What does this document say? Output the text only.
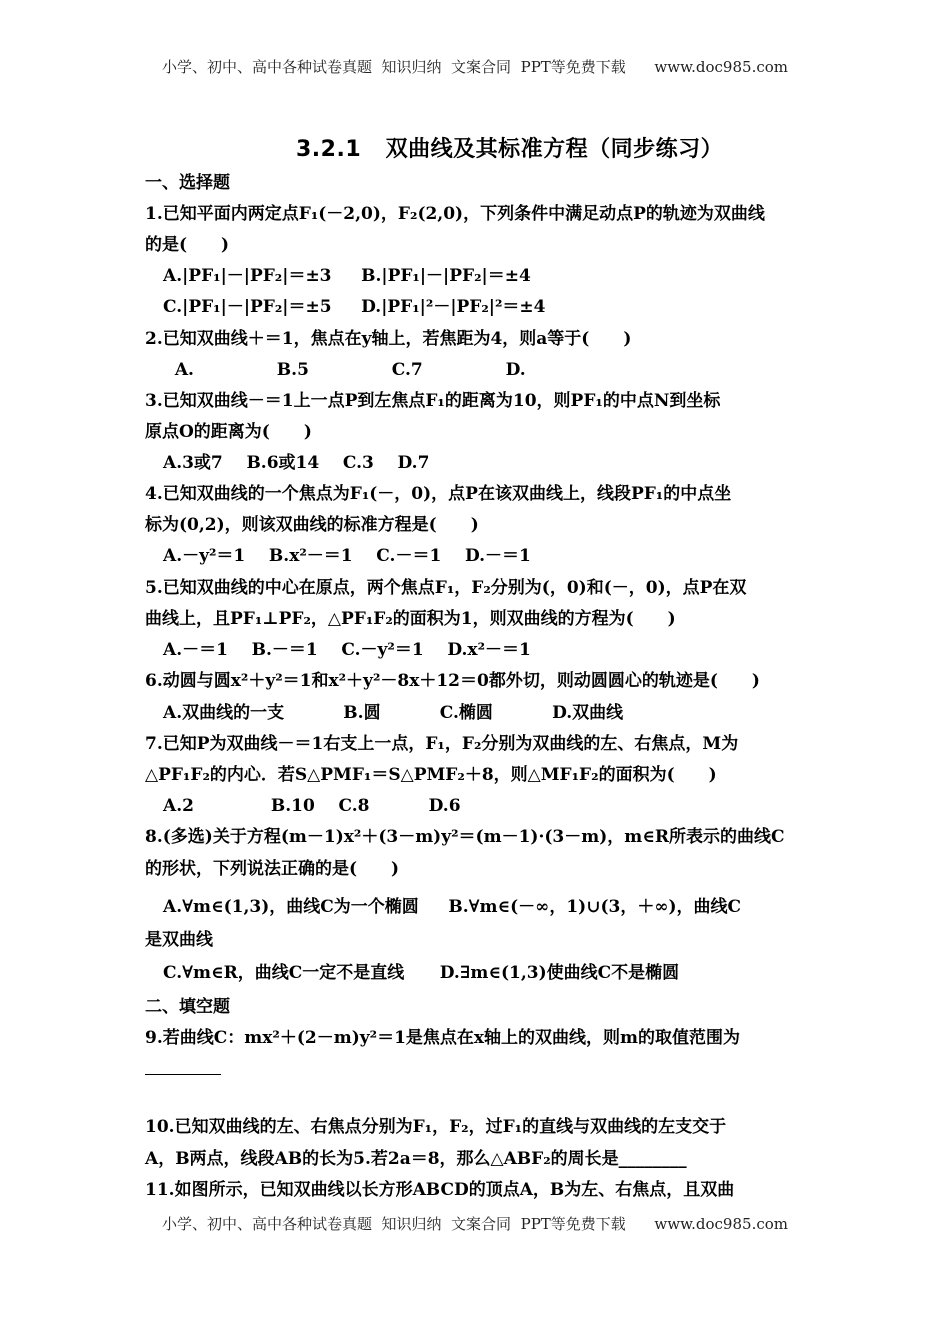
小学、初中、高中各种试卷真题  知识归纳  文案合同  PPT等免费下载      www.doc985.com
3.2.1   双曲线及其标准方程（同步练习）
一、选择题
1.已知平面内两定点F₁(－2,0)，F₂(2,0)，下列条件中满足动点P的轨迹为双曲线
的是(　　)
A.|PF₁|－|PF₂|＝±3     B.|PF₁|－|PF₂|＝±4
C.|PF₁|－|PF₂|＝±5     D.|PF₁|²－|PF₂|²＝±4
2.已知双曲线＋＝1，焦点在y轴上，若焦距为4，则a等于(　　)
A.              B.5              C.7              D.
3.已知双曲线－＝1上一点P到左焦点F₁的距离为10，则PF₁的中点N到坐标
原点O的距离为(　　)
A.3或7    B.6或14    C.3    D.7
4.已知双曲线的一个焦点为F₁(－，0)，点P在该双曲线上，线段PF₁的中点坐
标为(0,2)，则该双曲线的标准方程是(　　)
A.－y²＝1    B.x²－＝1    C.－＝1    D.－＝1
5.已知双曲线的中心在原点，两个焦点F₁，F₂分别为(，0)和(－，0)，点P在双
曲线上，且PF₁⊥PF₂，△PF₁F₂的面积为1，则双曲线的方程为(　　)
A.－＝1    B.－＝1    C.－y²＝1    D.x²－＝1
6.动圆与圆x²＋y²＝1和x²＋y²－8x＋12＝0都外切，则动圆圆心的轨迹是(　　)
A.双曲线的一支          B.圆          C.椭圆          D.双曲线
7.已知P为双曲线－＝1右支上一点，F₁，F₂分别为双曲线的左、右焦点，M为
△PF₁F₂的内心．若S△PMF₁＝S△PMF₂＋8，则△MF₁F₂的面积为(　　)
A.2             B.10    C.8          D.6
8.(多选)关于方程(m－1)x²＋(3－m)y²＝(m－1)·(3－m)，m∈R所表示的曲线C
的形状，下列说法正确的是(　　)
A.∀m∈(1,3)，曲线C为一个椭圆     B.∀m∈(－∞，1)∪(3，＋∞)，曲线C
是双曲线
C.∀m∈R，曲线C一定不是直线      D.∃m∈(1,3)使曲线C不是椭圆
二、填空题
9.若曲线C：mx²＋(2－m)y²＝1是焦点在x轴上的双曲线，则m的取值范围为
10.已知双曲线的左、右焦点分别为F₁，F₂，过F₁的直线与双曲线的左支交于
A，B两点，线段AB的长为5.若2a＝8，那么△ABF₂的周长是________
11.如图所示，已知双曲线以长方形ABCD的顶点A，B为左、右焦点，且双曲
小学、初中、高中各种试卷真题  知识归纳  文案合同  PPT等免费下载      www.doc985.com
